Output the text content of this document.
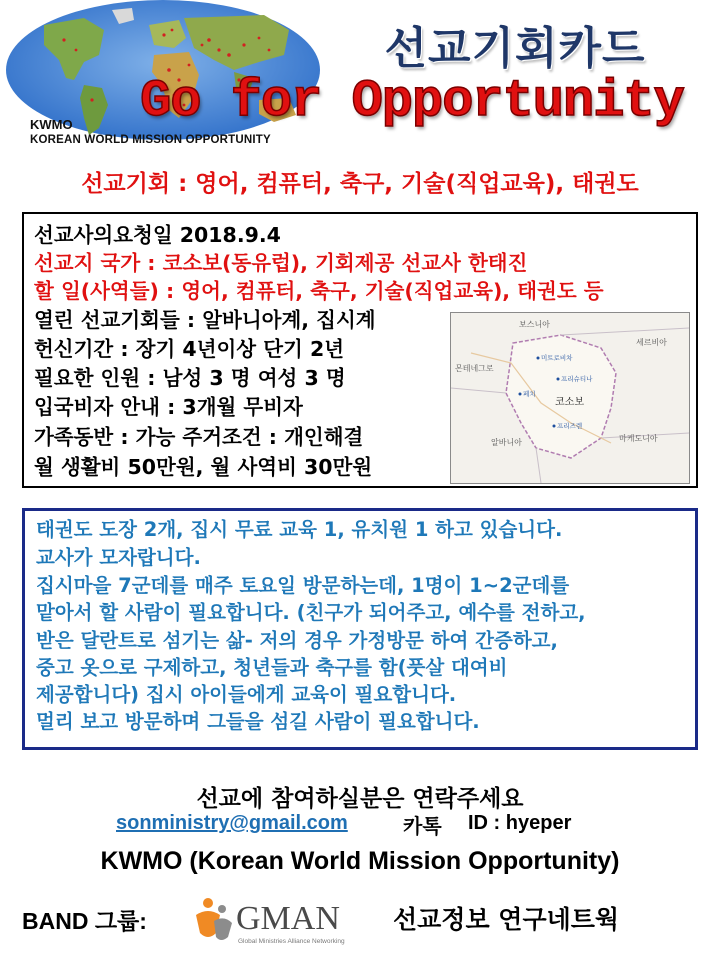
KWMO
KOREAN WORLD MISSION OPPORTUNITY
선교기회카드
Go for Opportunity
선교기회 : 영어, 컴퓨터, 축구, 기술(직업교육), 태권도
선교사의요청일 2018.9.4
선교지 국가 : 코소보(동유럽), 기회제공 선교사 한태진
할 일(사역들) : 영어, 컴퓨터, 축구, 기술(직업교육), 태권도 등
열린 선교기회들 : 알바니아계, 집시계
헌신기간 : 장기 4년이상 단기 2년
필요한 인원 : 남성 3 명 여성 3 명
입국비자 안내 : 3개월 무비자
가족동반 : 가능 주거조건 : 개인해결
월 생활비 50만원, 월 사역비 30만원
보스니아
세르비아
몬테네그로
미트로비차
프리슈티나
페치
코소보
알바니아
프리즈렌
마케도니아
태권도 도장 2개, 집시 무료 교육 1, 유치원 1 하고 있습니다.
교사가 모자랍니다.
집시마을 7군데를 매주 토요일 방문하는데, 1명이 1~2군데를
맡아서 할 사람이 필요합니다. (친구가 되어주고, 예수를 전하고,
받은 달란트로 섬기는 삶- 저의 경우 가정방문 하여 간증하고,
중고 옷으로 구제하고, 청년들과 축구를 함(풋살 대여비
제공합니다) 집시 아이들에게 교육이 필요합니다.
멀리 보고 방문하며 그들을 섬길 사람이 필요합니다.
선교에 참여하실분은 연락주세요
sonministry@gmail.com	카톡 ID : hyeper
KWMO (Korean World Mission Opportunity)
BAND 그룹:	GMAN
Global Ministries Alliance Networking
선교정보 연구네트웍
